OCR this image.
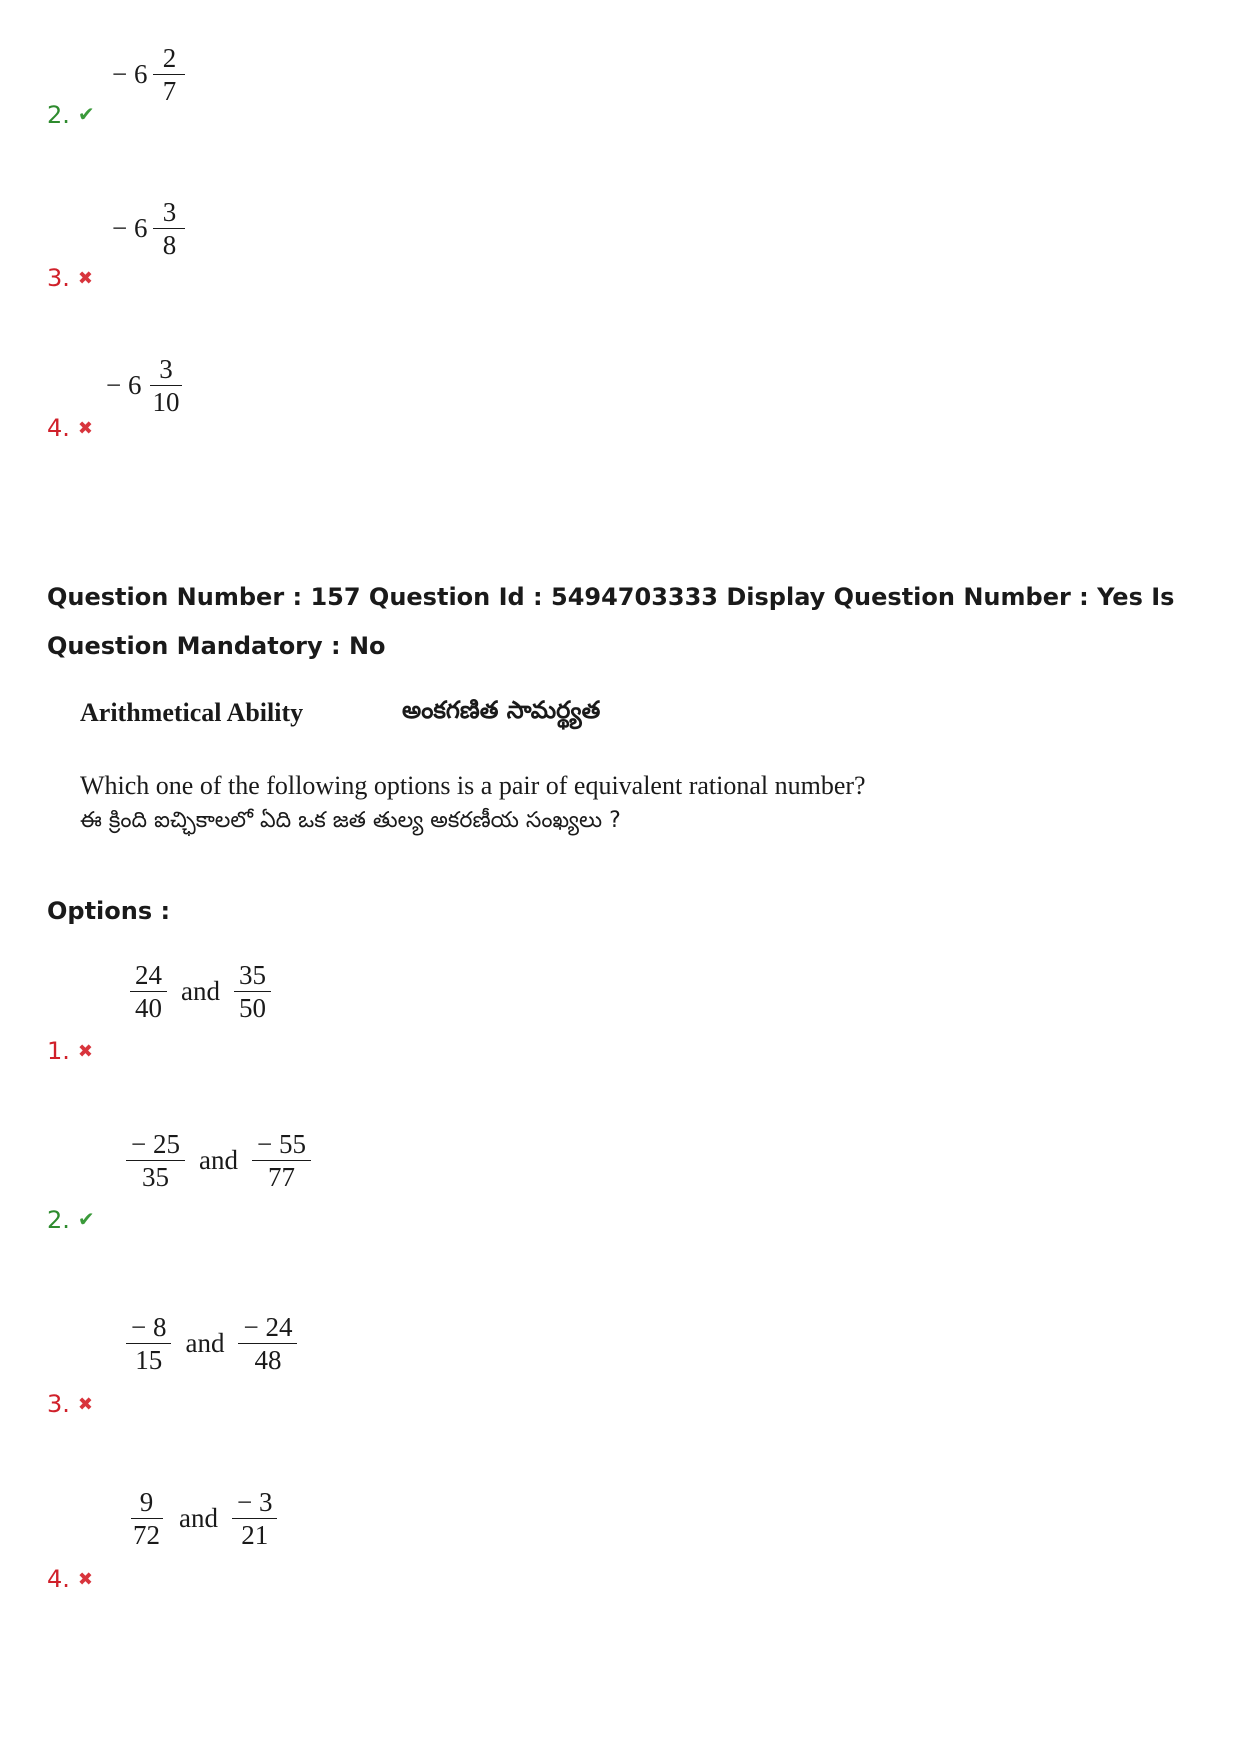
− $6 \frac{2}{7}$
2. ✔
− $6 \frac{3}{8}$
3. ✖
− $6 \frac{3}{10}$
4. ✖
Question Number : 157 Question Id : 5494703333 Display Question Number : Yes Is Question Mandatory : No
Arithmetical Ability	అంకగణిత సామర్థ్యత
Which one of the following options is a pair of equivalent rational number?
ఈ క్రింది ఐచ్ఛికాలలో ఏది ఒక జత తుల్య అకరణీయ సంఖ్యలు ?
Options :
$\frac{24}{40}$ and $\frac{35}{50}$
1. ✖
$\frac{- 25}{35}$ and $\frac{- 55}{77}$
2. ✔
$\frac{- 8}{15}$ and $\frac{- 24}{48}$
3. ✖
$\frac{9}{72}$ and $\frac{- 3}{21}$
4. ✖
